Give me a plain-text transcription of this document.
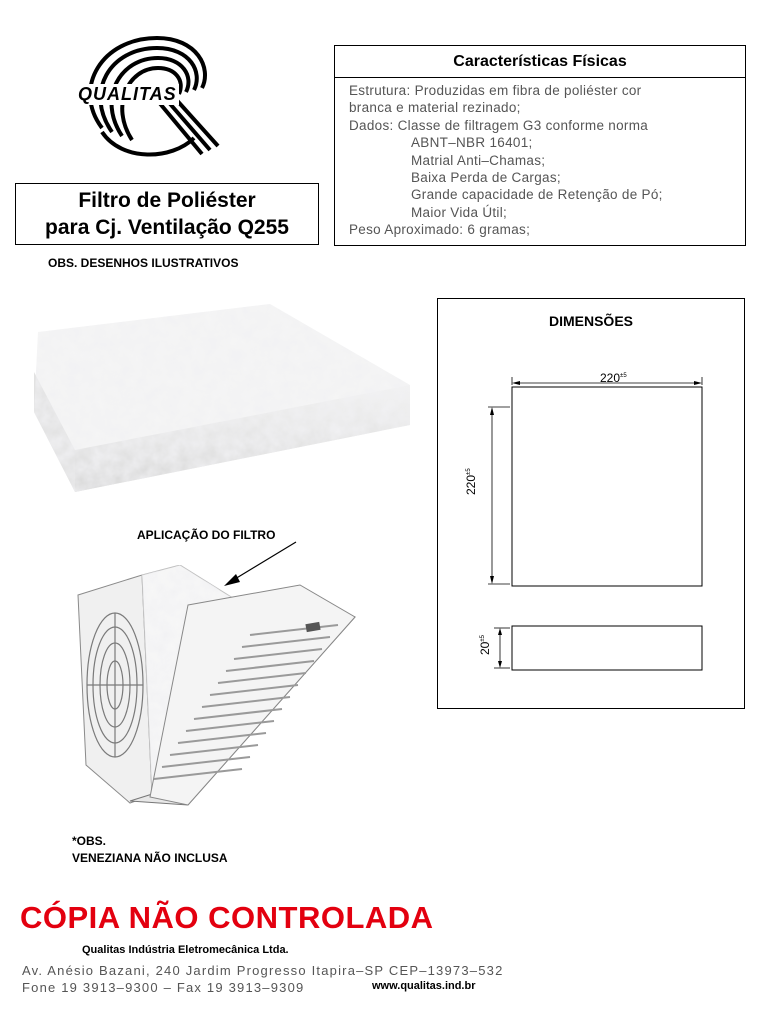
QUALITAS
Filtro de Poliéster
para Cj. Ventilação Q255
Características Físicas
Estrutura: Produzidas em fibra de poliéster cor
branca e material rezinado;
Dados: Classe de filtragem G3 conforme norma
ABNT–NBR 16401;
Matrial Anti–Chamas;
Baixa Perda de Cargas;
Grande capacidade de Retenção de Pó;
Maior Vida Útil;
Peso Aproximado: 6 gramas;
OBS. DESENHOS ILUSTRATIVOS
APLICAÇÃO DO FILTRO
*OBS.
VENEZIANA NÃO INCLUSA
DIMENSÕES
$220^{\pm 5}$
$220^{\pm 5}$
$20^{\pm 5}$
CÓPIA NÃO CONTROLADA
Qualitas Indústria Eletromecânica Ltda.
Av. Anésio Bazani, 240 Jardim Progresso Itapira–SP CEP–13973–532
Fone 19 3913–9300 – Fax 19 3913–9309	www.qualitas.ind.br
